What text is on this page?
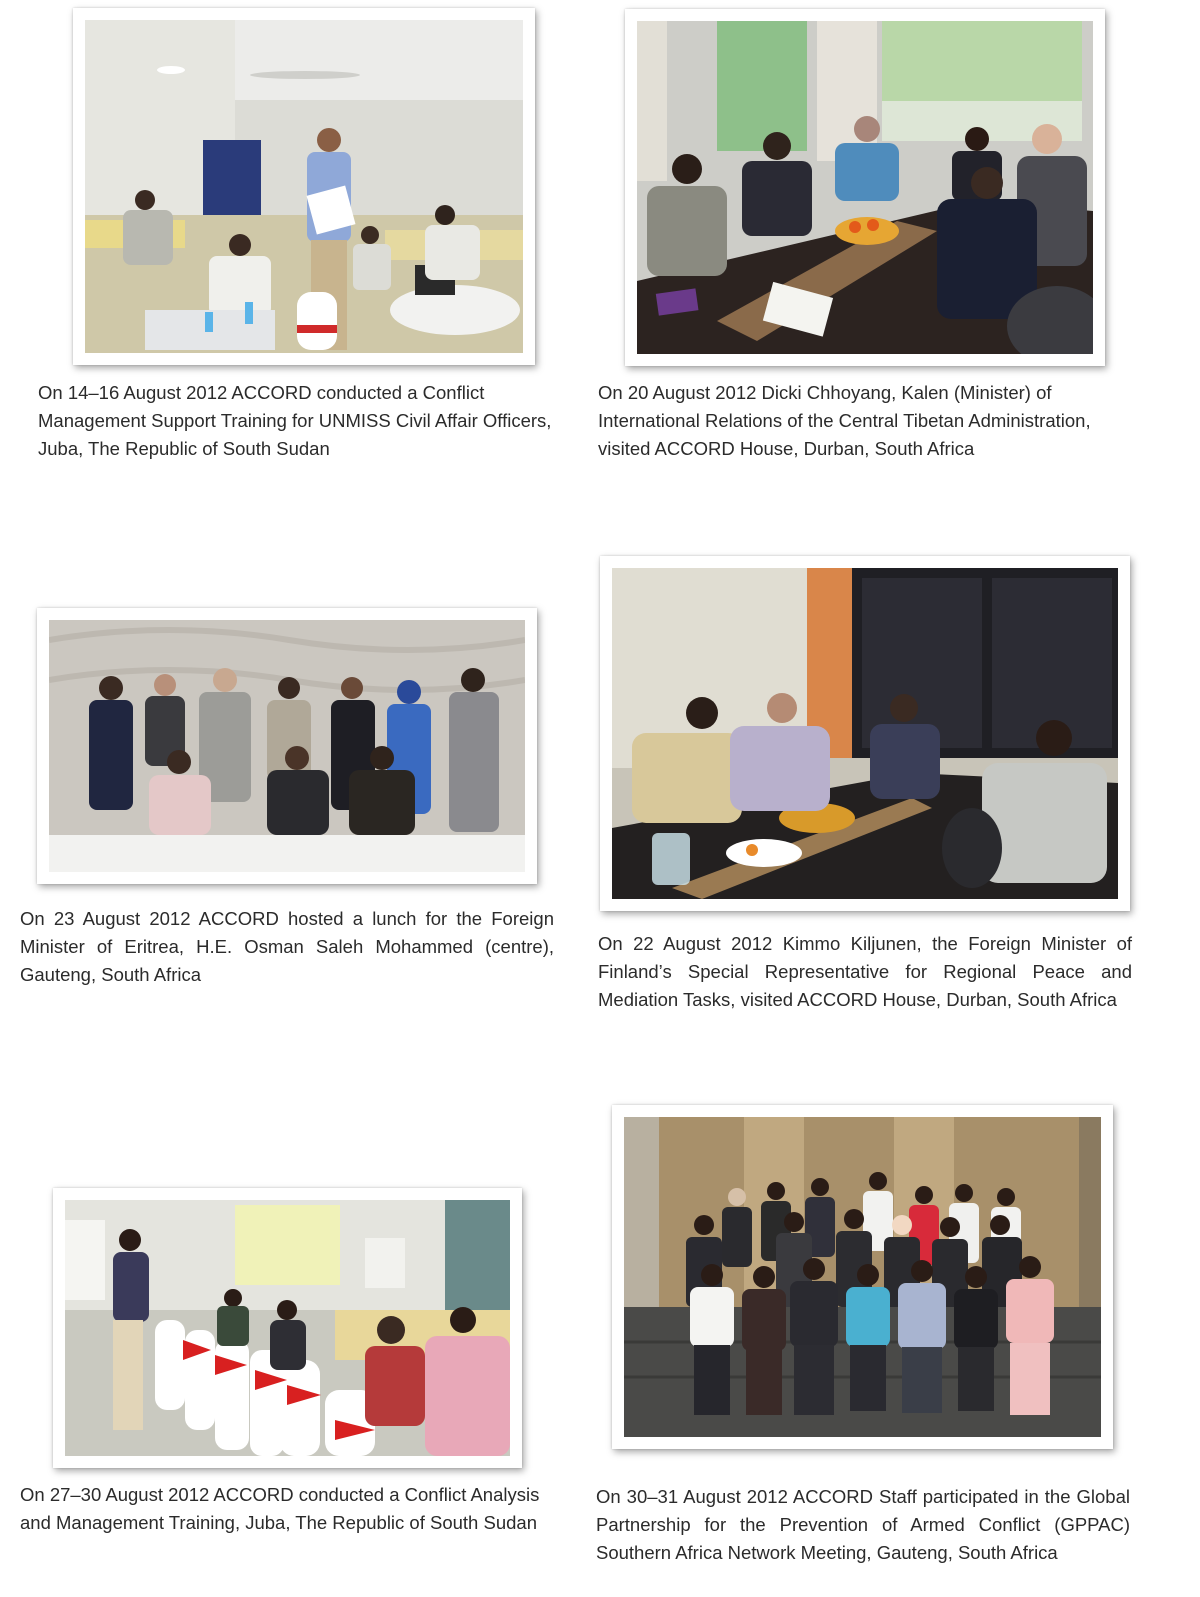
On 14–16 August 2012 ACCORD conducted a Conflict Management Support Training for UNMISS Civil Affair Officers, Juba, The Republic of South Sudan

On 20 August 2012 Dicki Chhoyang, Kalen (Minister) of International Relations of the Central Tibetan Administration, visited ACCORD House, Durban, South Africa

On 23 August 2012 ACCORD hosted a lunch for the Foreign Minister of Eritrea, H.E. Osman Saleh Mohammed (centre), Gauteng, South Africa

On 22 August 2012 Kimmo Kiljunen, the Foreign Minister of Finland’s Special Representative for Regional Peace and Mediation Tasks, visited ACCORD House, Durban, South Africa

On 27–30 August 2012 ACCORD conducted a Conflict Analysis and Management Training, Juba, The Republic of South Sudan

On 30–31 August 2012 ACCORD Staff participated in the Global Partnership for the Prevention of Armed Conflict (GPPAC) Southern Africa Network Meeting, Gauteng, South Africa
